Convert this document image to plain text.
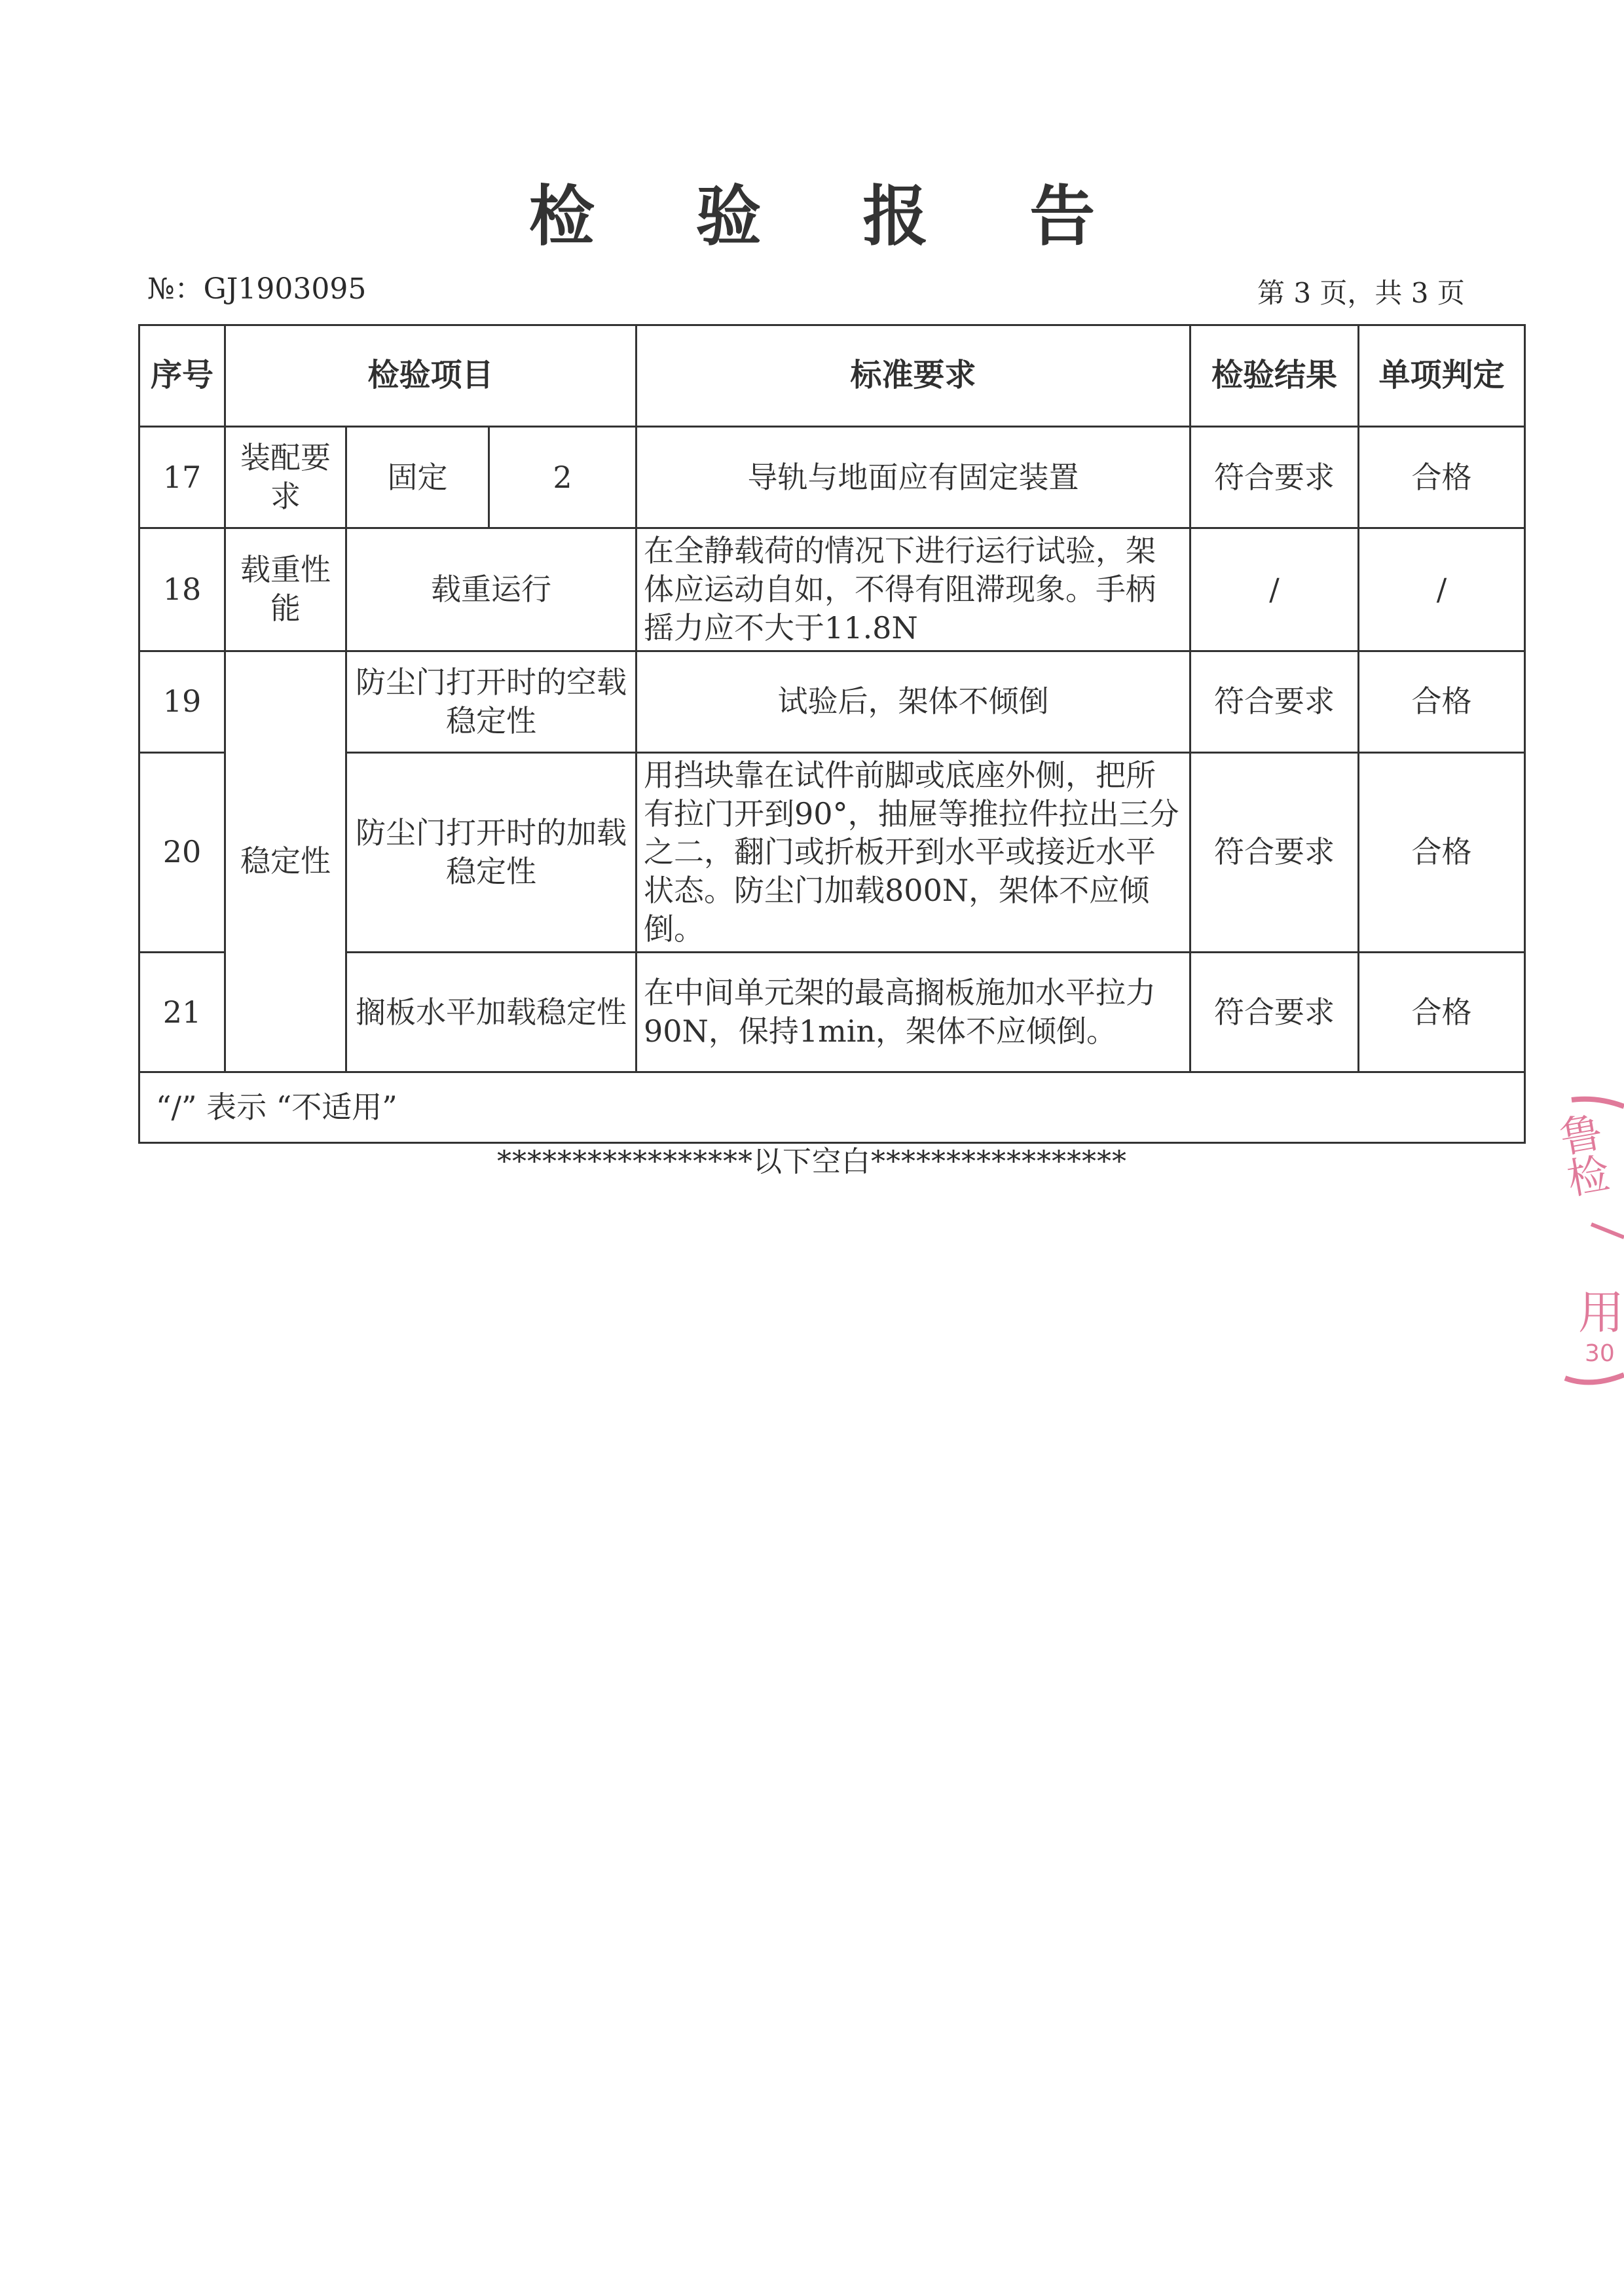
检 验 报 告
№：GJ1903095	第 3 页，共 3 页
序号	检验项目			标准要求	检验结果	单项判定
17	装配要求	固定	2	导轨与地面应有固定装置	符合要求	合格
18	载重性能	载重运行		在全静载荷的情况下进行运行试验，架体应运动自如，不得有阻滞现象。手柄摇力应不大于11.8N	/	/
19	稳定性	防尘门打开时的空载稳定性		试验后，架体不倾倒	符合要求	合格
20		防尘门打开时的加载稳定性		用挡块靠在试件前脚或底座外侧，把所有拉门开到90°，抽屉等推拉件拉出三分之二，翻门或折板开到水平或接近水平状态。防尘门加载800N，架体不应倾倒。	符合要求	合格
21		搁板水平加载稳定性		在中间单元架的最高搁板施加水平拉力90N，保持1min，架体不应倾倒。	符合要求	合格
“/” 表示 “不适用”						
*****************以下空白*****************	鲁检
用
30
